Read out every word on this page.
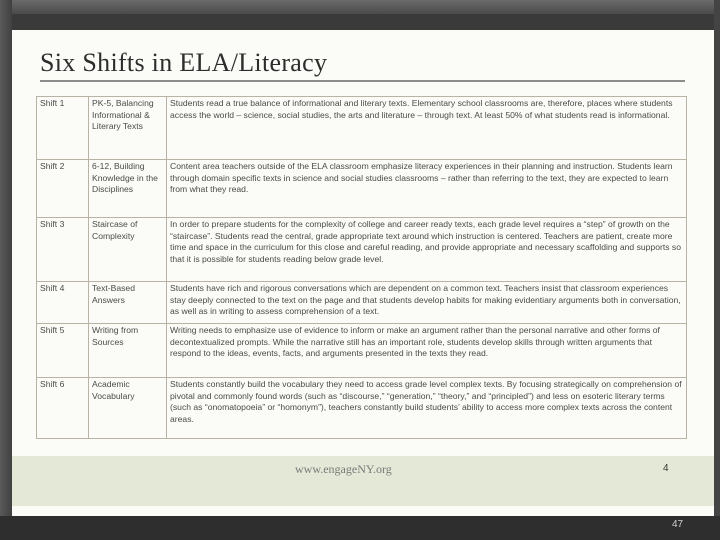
Six Shifts in ELA/Literacy
Shift 1	PK-5, Balancing Informational & Literary Texts	Students read a true balance of informational and literary texts. Elementary school classrooms are, therefore, places where students access the world – science, social studies, the arts and literature – through text. At least 50% of what students read is informational.
Shift 2	6-12, Building Knowledge in the Disciplines	Content area teachers outside of the ELA classroom emphasize literacy experiences in their planning and instruction. Students learn through domain specific texts in science and social studies classrooms – rather than referring to the text, they are expected to learn from what they read.
Shift 3	Staircase of Complexity	In order to prepare students for the complexity of college and career ready texts, each grade level requires a “step” of growth on the “staircase”. Students read the central, grade appropriate text around which instruction is centered. Teachers are patient, create more time and space in the curriculum for this close and careful reading, and provide appropriate and necessary scaffolding and supports so that it is possible for students reading below grade level.
Shift 4	Text-Based Answers	Students have rich and rigorous conversations which are dependent on a common text. Teachers insist that classroom experiences stay deeply connected to the text on the page and that students develop habits for making evidentiary arguments both in conversation, as well as in writing to assess comprehension of a text.
Shift 5	Writing from Sources	Writing needs to emphasize use of evidence to inform or make an argument rather than the personal narrative and other forms of decontextualized prompts. While the narrative still has an important role, students develop skills through written arguments that respond to the ideas, events, facts, and arguments presented in the texts they read.
Shift 6	Academic Vocabulary	Students constantly build the vocabulary they need to access grade level complex texts. By focusing strategically on comprehension of pivotal and commonly found words (such as “discourse,” “generation,” “theory,” and “principled”) and less on esoteric literary terms (such as “onomatopoeia” or “homonym”), teachers constantly build students’ ability to access more complex texts across the content areas.
www.engageNY.org	4
47
